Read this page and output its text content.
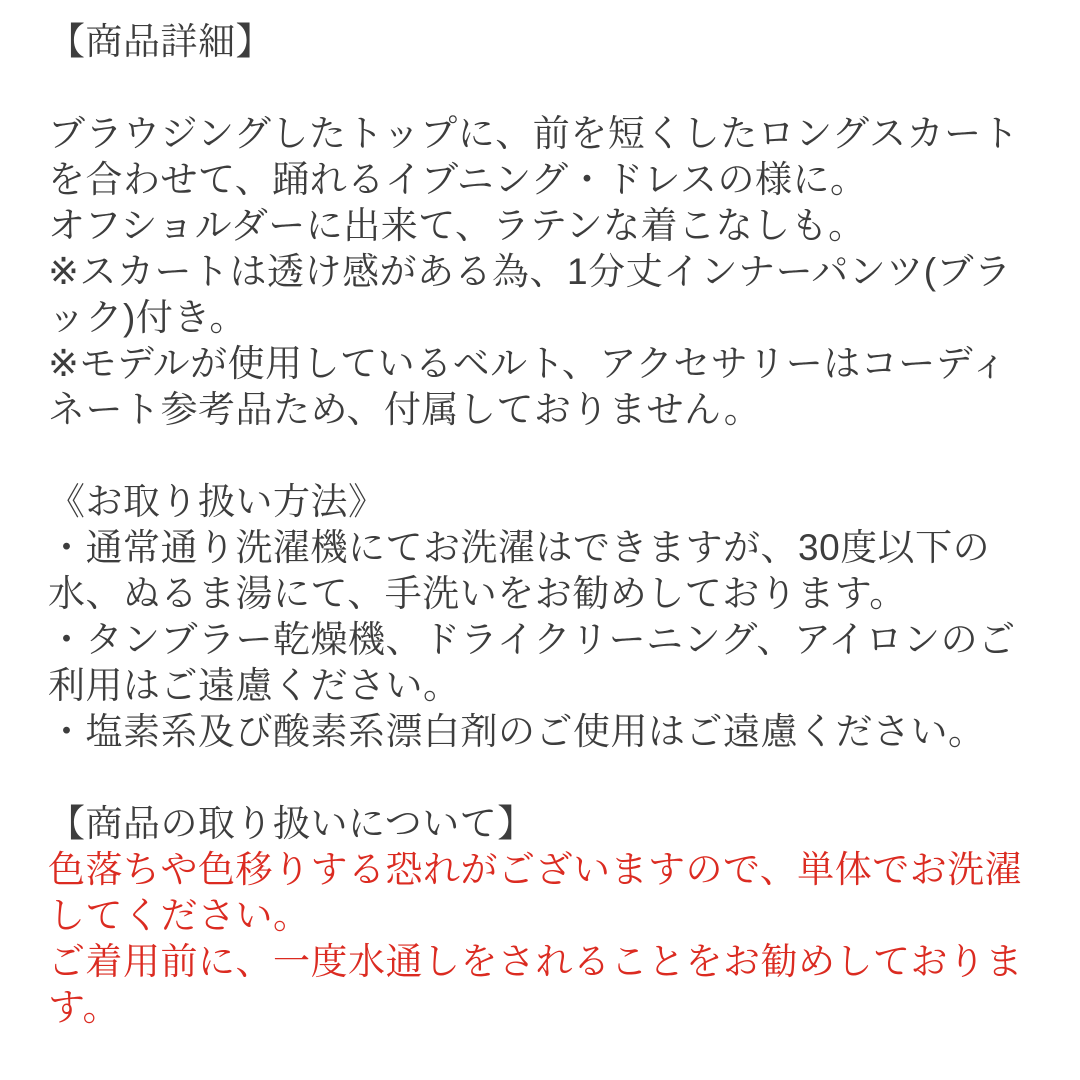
【商品詳細】
ブラウジングしたトップに、前を短くしたロングスカート
を合わせて、踊れるイブニング・ドレスの様に。
オフショルダーに出来て、ラテンな着こなしも。
※スカートは透け感がある為、1分丈インナーパンツ(ブラ
ック)付き。
※モデルが使用しているベルト、アクセサリーはコーディ
ネート参考品ため、付属しておりません。
《お取り扱い方法》
・通常通り洗濯機にてお洗濯はできますが、30度以下の
水、ぬるま湯にて、手洗いをお勧めしております。
・タンブラー乾燥機、ドライクリーニング、アイロンのご
利用はご遠慮ください。
・塩素系及び酸素系漂白剤のご使用はご遠慮ください。
【商品の取り扱いについて】
色落ちや色移りする恐れがございますので、単体でお洗濯
してください。
ご着用前に、一度水通しをされることをお勧めしておりま
す。
